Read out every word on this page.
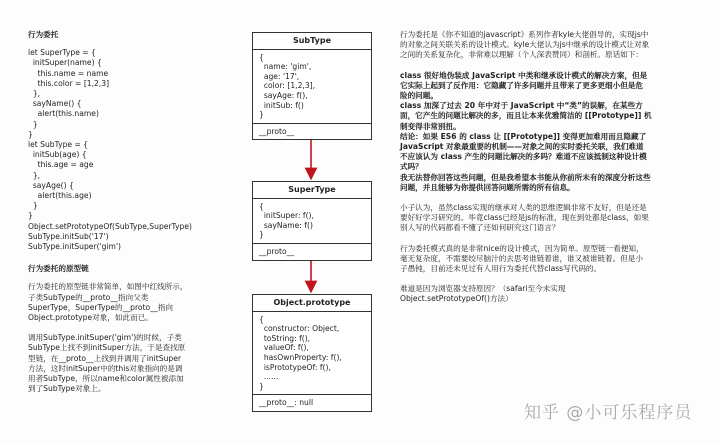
行为委托
let SuperType = {
initSuper(name) {
this.name = name
this.color = [1,2,3]
},
sayName() {
alert(this.name)
}
}
let SubType = {
initSub(age) {
this.age = age
},
sayAge() {
alert(this.age)
}
}
Object.setPrototypeOf(SubType,SuperType)
SubType.initSub('17')
SubType.initSuper('gim')
行为委托的原型链
行为委托的原型链非常简单，如图中红线所示，
子类SubType的__proto__指向父类
SuperType，SuperType的__proto__指向
Object.prototype对象，如此而已。
调用SubType.initSuper('gim')的时候，子类
SubType上找不到initSuper方法，于是查找原
型链，在__proto__上找到并调用了initSuper
方法，这时initSuper中的this对象指向的是调
用者SubType，所以name和color属性被添加
到了SubType对象上。
SubType
{
name: 'gim',
age: '17',
color: [1,2,3],
sayAge: f(),
initSub: f()
}
__proto__
SuperType
{
initSuper: f(),
sayName: f()
}
__proto__
Object.prototype
{
constructor: Object,
toString: f(),
valueOf: f(),
hasOwnProperty: f(),
isPrototypeOf: f(),
......
}
__proto__: null
行为委托是《你不知道的javascript》系列作者kyle大佬倡导的，实现js中
的对象之间关联关系的设计模式。kyle大佬认为js中继承的设计模式让对象
之间的关系复杂化，非常难以理解（个人深表赞同）和剖析。原话如下：
class 很好地伪装成 JavaScript 中类和继承设计模式的解决方案，但是
它实际上起到了反作用：它隐藏了许多问题并且带来了更多更细小但是危
险的问题。
class 加深了过去 20 年中对于 JavaScript 中“类”的误解，在某些方
面，它产生的问题比解决的多，而且让本来优雅简洁的 [[Prototype]] 机
制变得非常别扭。
结论：如果 ES6 的 class 让 [[Prototype]] 变得更加难用而且隐藏了
JavaScript 对象最重要的机制——对象之间的实时委托关联，我们难道
不应该认为 class 产生的问题比解决的多吗？难道不应该抵制这种设计模
式吗？
我无法替你回答这些问题，但是我希望本书能从你前所未有的深度分析这些
问题，并且能够为你提供回答问题所需的所有信息。
小子认为，虽然class实现的继承对人类的思维逻辑非常不友好，但是还是
要好好学习研究的。毕竟class已经是js的标准，现在到处都是class，如果
别人写的代码都看不懂了还如何研究这门语言？
行为委托模式真的是非常nice的设计模式，因为简单。原型链一看便知，
毫无复杂度，不需要绞尽脑汁的去思考谁链着谁，谁又被谁链着。但是小
子愚钝，目前还未见过有人用行为委托代替class写代码的。
难道是因为浏览器支持原因？（safari至今未实现
Object.setPrototypeOf()方法）
知乎 @小可乐程序员
